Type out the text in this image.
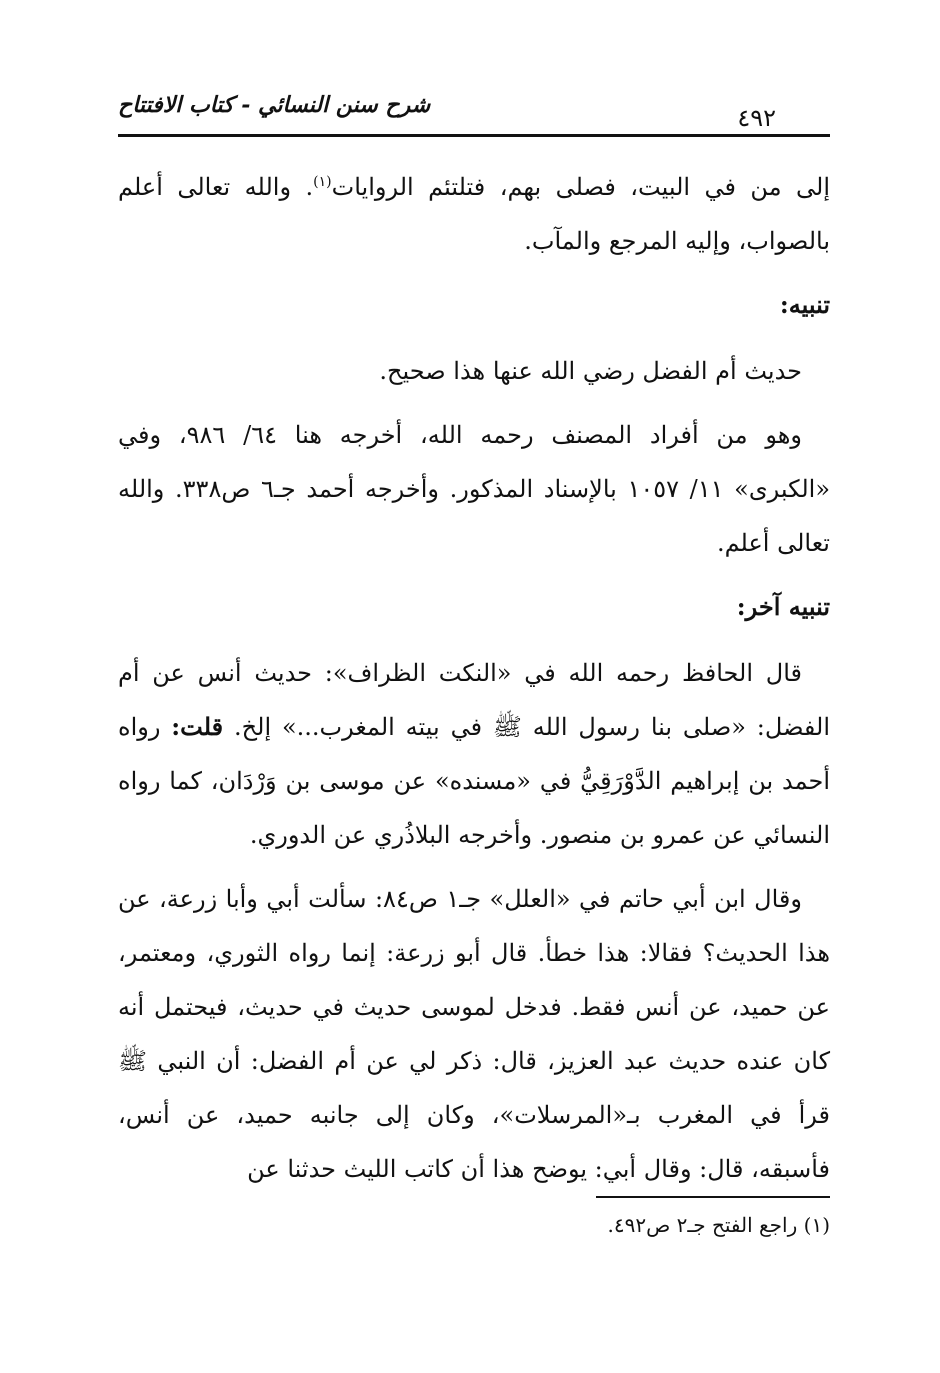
شرح سنن النسائي - كتاب الافتتاح	٤٩٢

إلى من في البيت، فصلى بهم، فتلتئم الروايات$^{(١)}$. والله تعالى أعلم بالصواب، وإليه المرجع والمآب.

تنبيه:

حديث أم الفضل رضي الله عنها هذا صحيح.

وهو من أفراد المصنف رحمه الله، أخرجه هنا ٦٤/ ٩٨٦، وفي «الكبرى» ١١/ ١٠٥٧ بالإسناد المذكور. وأخرجه أحمد جـ٦ ص٣٣٨. والله تعالى أعلم.

تنبيه آخر:

قال الحافظ رحمه الله في «النكت الظراف»: حديث أنس عن أم الفضل: «صلى بنا رسول الله ﷺ في بيته المغرب...» إلخ. قلت: رواه أحمد بن إبراهيم الدَّوْرَقِيُّ في «مسنده» عن موسى بن وَرْدَان، كما رواه النسائي عن عمرو بن منصور. وأخرجه البلاذُري عن الدوري.

وقال ابن أبي حاتم في «العلل» جـ١ ص٨٤: سألت أبي وأبا زرعة، عن هذا الحديث؟ فقالا: هذا خطأ. قال أبو زرعة: إنما رواه الثوري، ومعتمر، عن حميد، عن أنس فقط. فدخل لموسى حديث في حديث، فيحتمل أنه كان عنده حديث عبد العزيز، قال: ذكر لي عن أم الفضل: أن النبي ﷺ قرأ في المغرب بـ«المرسلات»، وكان إلى جانبه حميد، عن أنس، فأسبقه، قال: وقال أبي: يوضح هذا أن كاتب الليث حدثنا عن

(١) راجع الفتح جـ٢ ص٤٩٢.
